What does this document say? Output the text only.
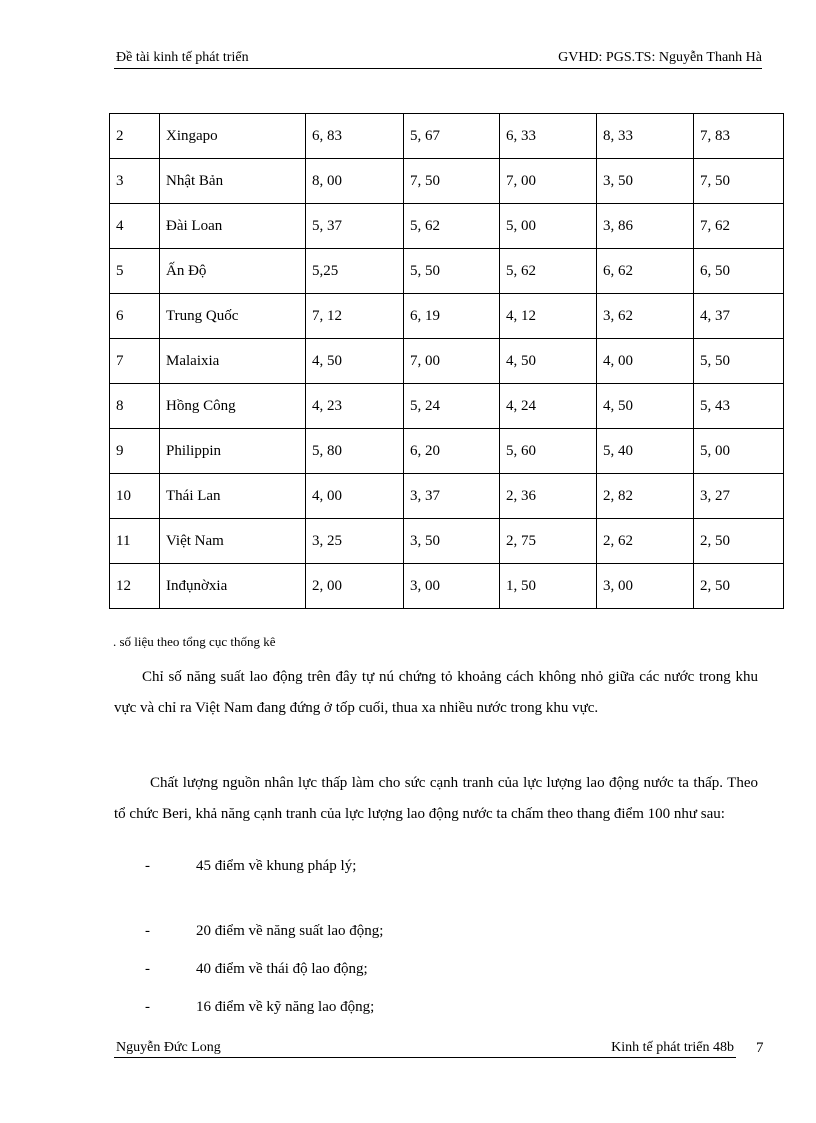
Đề tài kinh tế phát triển	GVHD: PGS.TS: Nguyễn Thanh Hà
2	Xingapo	6, 83	5, 67	6, 33	8, 33	7, 83
3	Nhật Bản	8, 00	7, 50	7, 00	3, 50	7, 50
4	Đài Loan	5, 37	5, 62	5, 00	3, 86	7, 62
5	Ấn Độ	5,25	5, 50	5, 62	6, 62	6, 50
6	Trung Quốc	7, 12	6, 19	4, 12	3, 62	4, 37
7	Malaixia	4, 50	7, 00	4, 50	4, 00	5, 50
8	Hồng Công	4, 23	5, 24	4, 24	4, 50	5, 43
9	Philippin	5, 80	6, 20	5, 60	5, 40	5, 00
10	Thái Lan	4, 00	3, 37	2, 36	2, 82	3, 27
11	Việt Nam	3, 25	3, 50	2, 75	2, 62	2, 50
12	Inđụnờxia	2, 00	3, 00	1, 50	3, 00	2, 50
. số liệu theo tổng cục thống kê
Chỉ số năng suất lao động trên đây tự nú chứng tỏ khoảng cách không nhỏ giữa các nước trong khu vực và chỉ ra Việt Nam đang đứng ở tốp cuối, thua xa nhiều nước trong khu vực.
Chất lượng nguồn nhân lực thấp làm cho sức cạnh tranh của lực lượng lao động nước ta thấp. Theo tổ chức Beri, khả năng cạnh tranh của lực lượng lao động nước ta chấm theo thang điểm 100 như sau:
-	45 điểm về khung pháp lý;
-	20 điểm về năng suất lao động;
-	40 điểm về thái độ lao động;
-	16 điểm về kỹ năng lao động;
Nguyễn Đức Long	Kinh tế phát triển 48b 7
